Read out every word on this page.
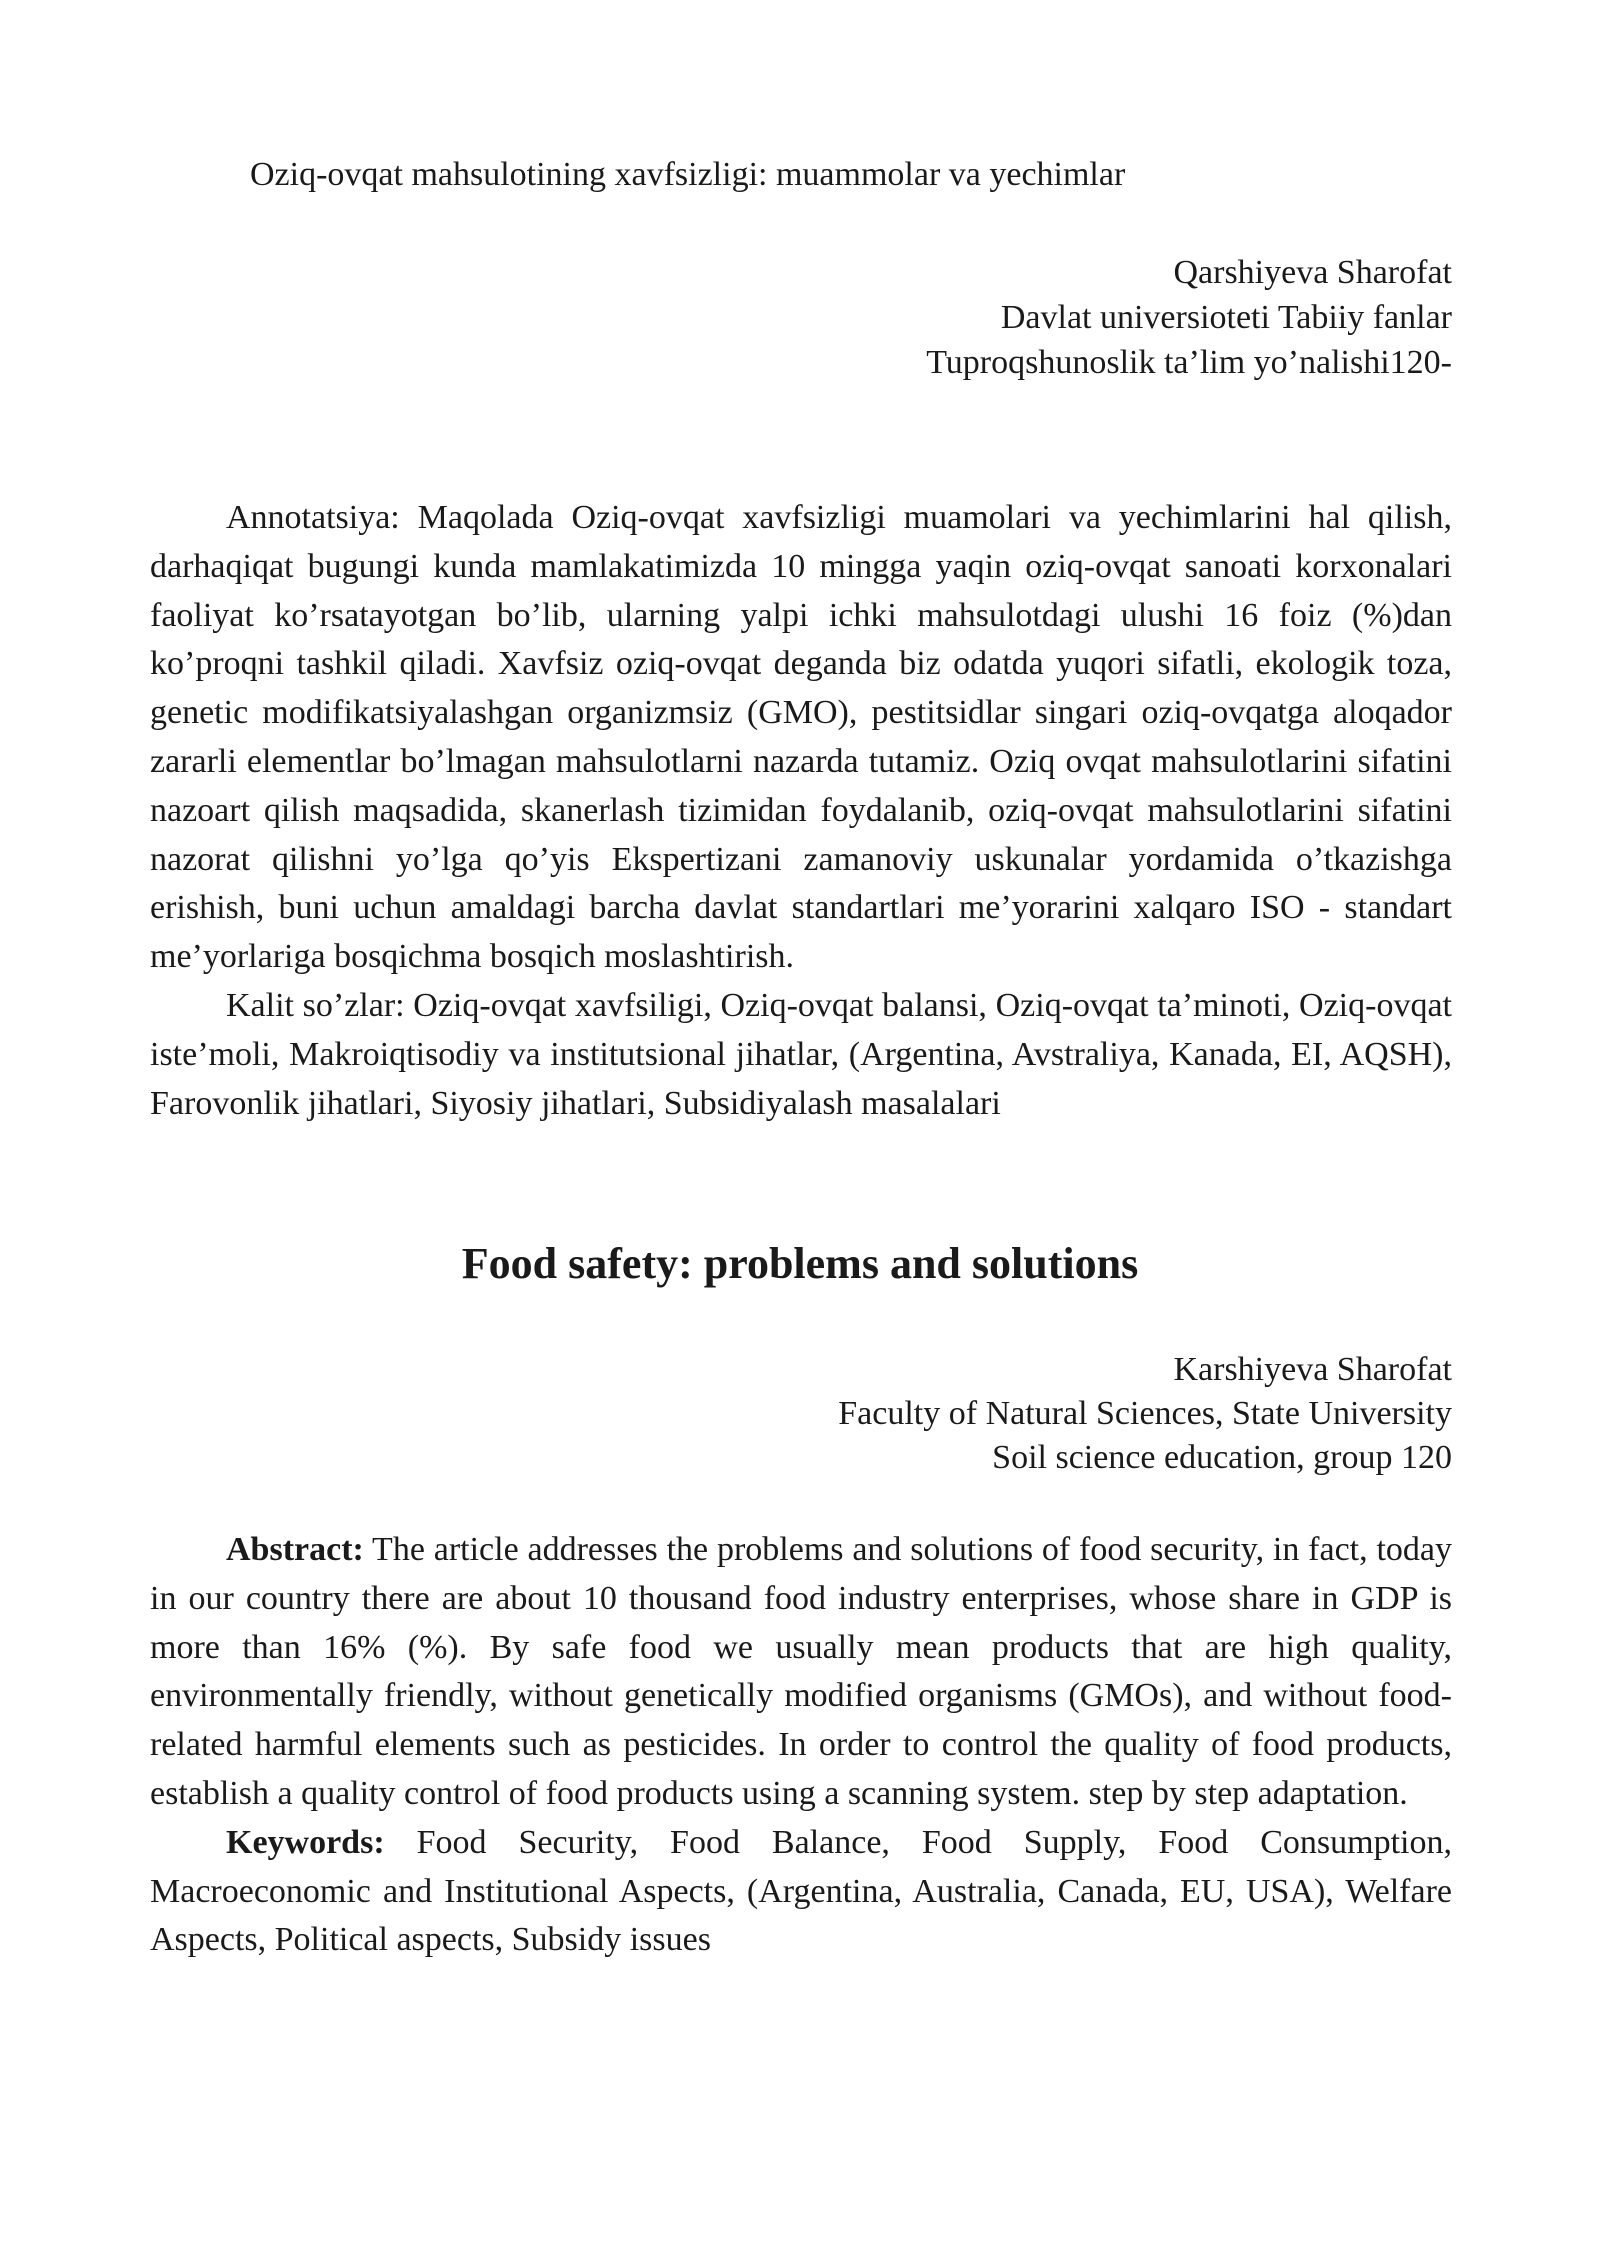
Oziq-ovqat mahsulotining xavfsizligi: muammolar va yechimlar
Qarshiyeva Sharofat
Davlat universioteti Tabiiy fanlar
Tuproqshunoslik ta’lim yo’nalishi120-

Annotatsiya: Maqolada Oziq-ovqat xavfsizligi muamolari va yechimlarini hal qilish, darhaqiqat bugungi kunda mamlakatimizda 10 mingga yaqin oziq-ovqat sanoati korxonalari faoliyat ko’rsatayotgan bo’lib, ularning yalpi ichki mahsulotdagi ulushi 16 foiz (%)dan ko’proqni tashkil qiladi. Xavfsiz oziq-ovqat deganda biz odatda yuqori sifatli, ekologik toza, genetic modifikatsiyalashgan organizmsiz (GMO), pestitsidlar singari oziq-ovqatga aloqador zararli elementlar bo’lmagan mahsulotlarni nazarda tutamiz. Oziq ovqat mahsulotlarini sifatini nazoart qilish maqsadida, skanerlash tizimidan foydalanib, oziq-ovqat mahsulotlarini sifatini nazorat qilishni yo’lga qo’yis Ekspertizani zamanoviy uskunalar yordamida o’tkazishga erishish, buni uchun amaldagi barcha davlat standartlari me’yorarini xalqaro ISO - standart me’yorlariga bosqichma bosqich moslashtirish.

Kalit so’zlar: Oziq-ovqat xavfsiligi, Oziq-ovqat balansi, Oziq-ovqat ta’minoti, Oziq-ovqat iste’moli, Makroiqtisodiy va institutsional jihatlar, (Argentina, Avstraliya, Kanada, EI, AQSH), Farovonlik jihatlari, Siyosiy jihatlari, Subsidiyalash masalalari

Food safety: problems and solutions
Karshiyeva Sharofat
Faculty of Natural Sciences, State University
Soil science education, group 120

Abstract: The article addresses the problems and solutions of food security, in fact, today in our country there are about 10 thousand food industry enterprises, whose share in GDP is more than 16% (%). By safe food we usually mean products that are high quality, environmentally friendly, without genetically modified organisms (GMOs), and without food-related harmful elements such as pesticides. In order to control the quality of food products, establish a quality control of food products using a scanning system. step by step adaptation.

Keywords: Food Security, Food Balance, Food Supply, Food Consumption, Macroeconomic and Institutional Aspects, (Argentina, Australia, Canada, EU, USA), Welfare Aspects, Political aspects, Subsidy issues
